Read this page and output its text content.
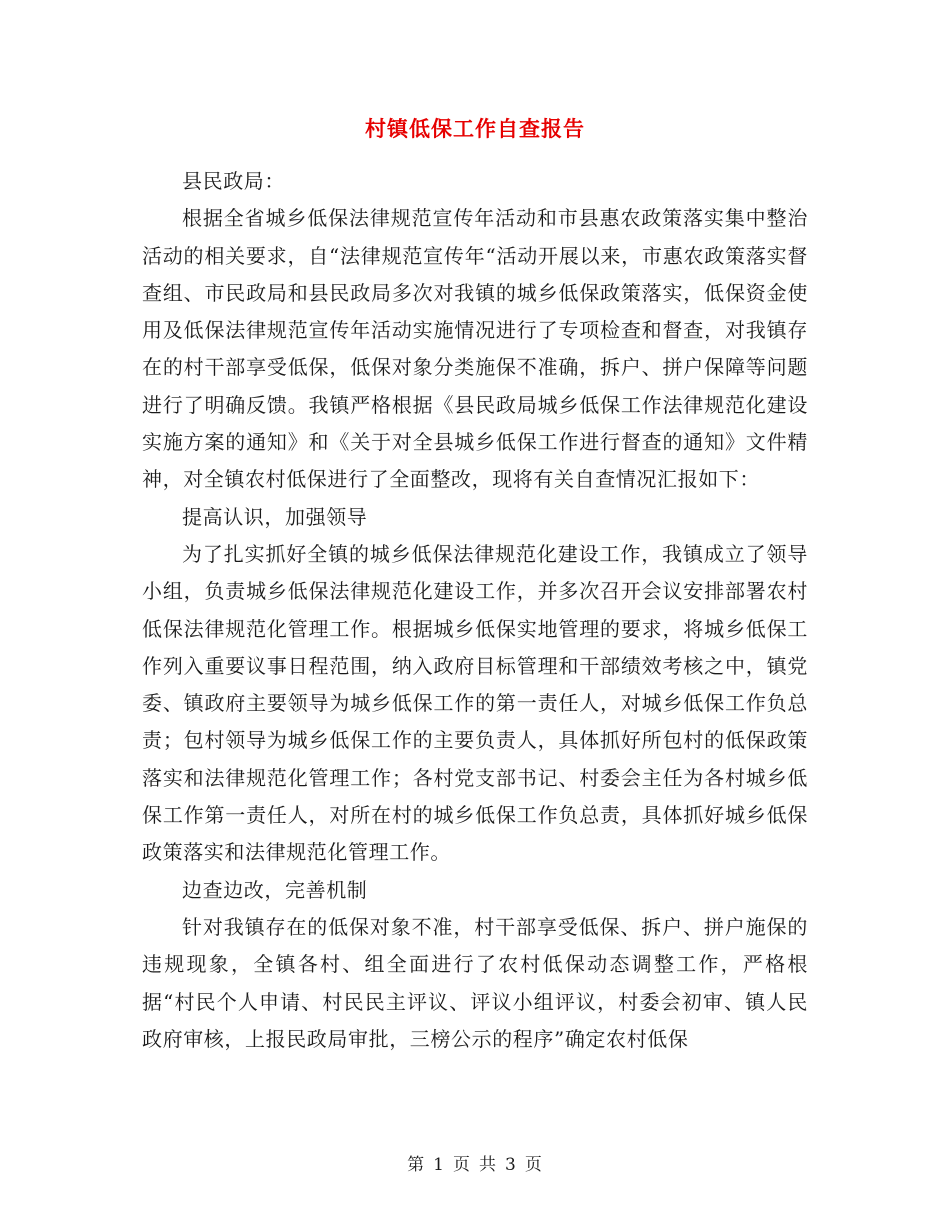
村镇低保工作自查报告

县民政局：

根据全省城乡低保法律规范宣传年活动和市县惠农政策落实集中整治活动的相关要求，自“法律规范宣传年“活动开展以来，市惠农政策落实督查组、市民政局和县民政局多次对我镇的城乡低保政策落实，低保资金使用及低保法律规范宣传年活动实施情况进行了专项检查和督查，对我镇存在的村干部享受低保，低保对象分类施保不准确，拆户、拼户保障等问题进行了明确反馈。我镇严格根据《县民政局城乡低保工作法律规范化建设实施方案的通知》和《关于对全县城乡低保工作进行督查的通知》文件精神，对全镇农村低保进行了全面整改，现将有关自查情况汇报如下：

提高认识，加强领导

为了扎实抓好全镇的城乡低保法律规范化建设工作，我镇成立了领导小组，负责城乡低保法律规范化建设工作，并多次召开会议安排部署农村低保法律规范化管理工作。根据城乡低保实地管理的要求，将城乡低保工作列入重要议事日程范围，纳入政府目标管理和干部绩效考核之中，镇党委、镇政府主要领导为城乡低保工作的第一责任人，对城乡低保工作负总责；包村领导为城乡低保工作的主要负责人，具体抓好所包村的低保政策落实和法律规范化管理工作；各村党支部书记、村委会主任为各村城乡低保工作第一责任人，对所在村的城乡低保工作负总责，具体抓好城乡低保政策落实和法律规范化管理工作。

边查边改，完善机制

针对我镇存在的低保对象不准，村干部享受低保、拆户、拼户施保的违规现象，全镇各村、组全面进行了农村低保动态调整工作，严格根据“村民个人申请、村民民主评议、评议小组评议，村委会初审、镇人民政府审核，上报民政局审批，三榜公示的程序”确定农村低保

第 1 页 共 3 页
